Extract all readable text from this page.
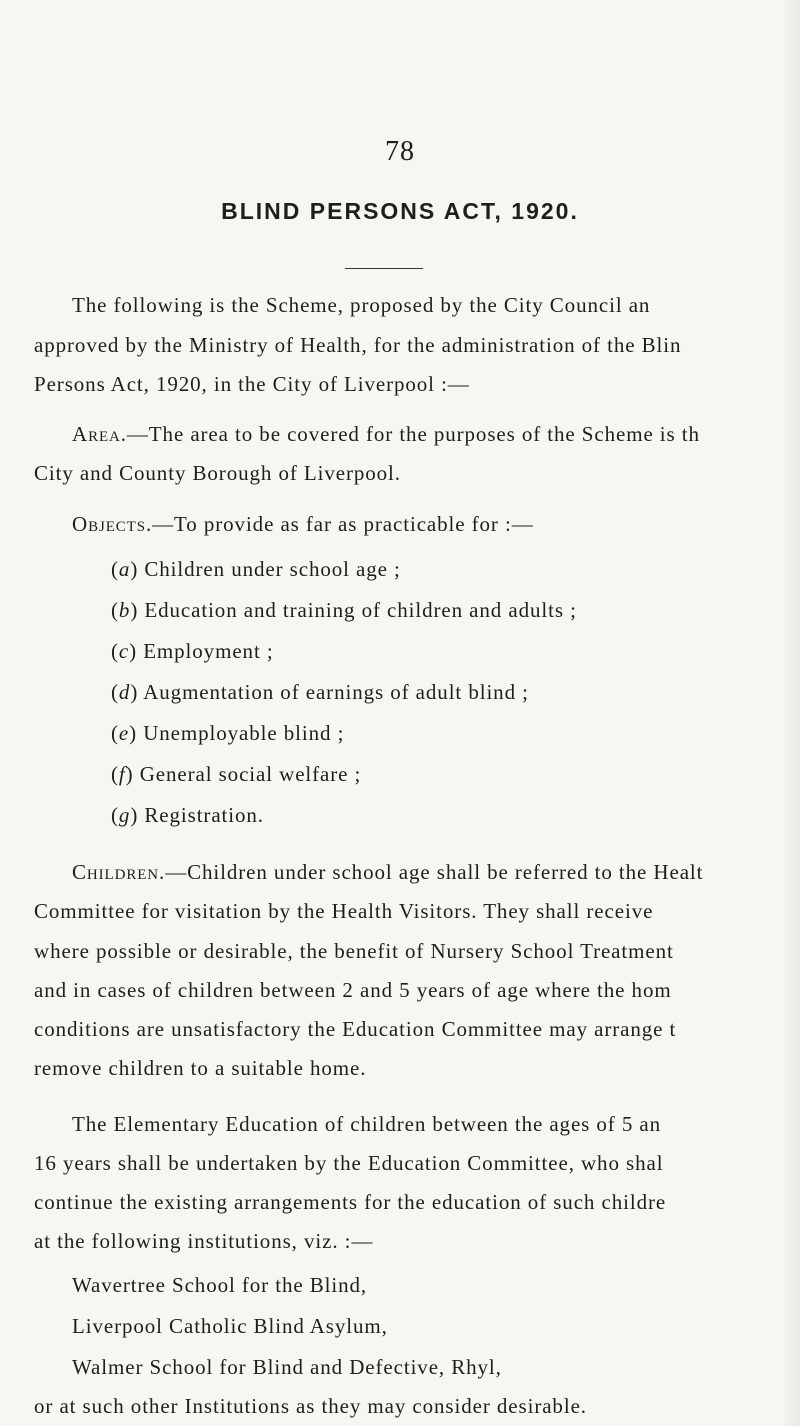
78
BLIND PERSONS ACT, 1920.
The following is the Scheme, proposed by the City Council an
approved by the Ministry of Health, for the administration of the Blin
Persons Act, 1920, in the City of Liverpool :—
Area.—The area to be covered for the purposes of the Scheme is th
City and County Borough of Liverpool.
Objects.—To provide as far as practicable for :—
(a) Children under school age ;
(b) Education and training of children and adults ;
(c) Employment ;
(d) Augmentation of earnings of adult blind ;
(e) Unemployable blind ;
(f) General social welfare ;
(g) Registration.
Children.—Children under school age shall be referred to the Healt
Committee for visitation by the Health Visitors. They shall receive
where possible or desirable, the benefit of Nursery School Treatment
and in cases of children between 2 and 5 years of age where the hom
conditions are unsatisfactory the Education Committee may arrange t
remove children to a suitable home.
The Elementary Education of children between the ages of 5 an
16 years shall be undertaken by the Education Committee, who shal
continue the existing arrangements for the education of such childre
at the following institutions, viz. :—
Wavertree School for the Blind,
Liverpool Catholic Blind Asylum,
Walmer School for Blind and Defective, Rhyl,
or at such other Institutions as they may consider desirable.
